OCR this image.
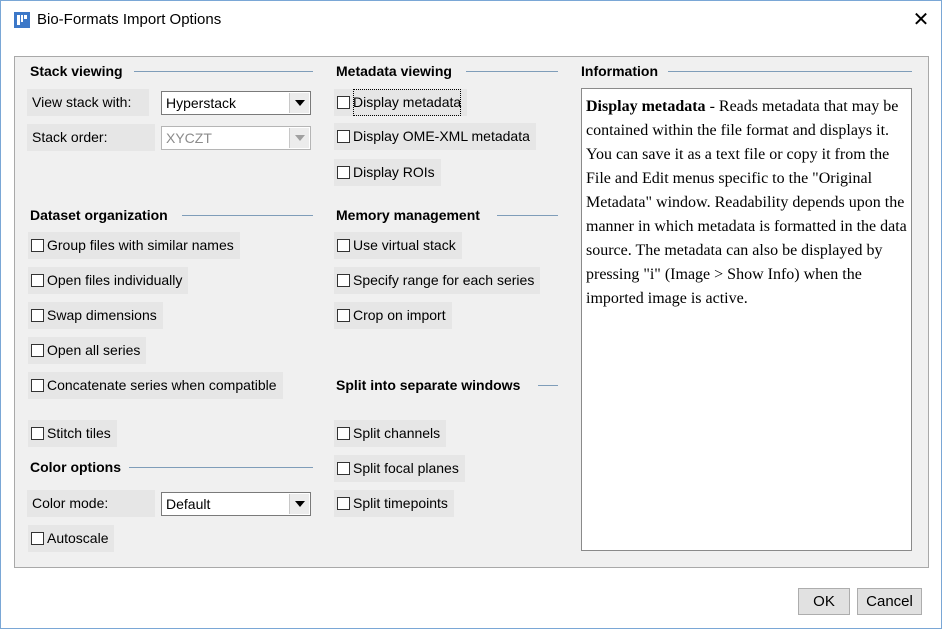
Bio-Formats Import Options	✕
Stack viewing
View stack with:	Hyperstack
Stack order:	XYCZT
Dataset organization
Group files with similar names
Open files individually
Swap dimensions
Open all series
Concatenate series when compatible
Stitch tiles
Color options
Color mode:	Default
Autoscale
Metadata viewing
Display metadata
Display OME-XML metadata
Display ROIs
Memory management
Use virtual stack
Specify range for each series
Crop on import
Split into separate windows
Split channels
Split focal planes
Split timepoints
Information
Display metadata - Reads metadata that may be contained within the file format and displays it. You can save it as a text file or copy it from the File and Edit menus specific to the "Original Metadata" window. Readability depends upon the manner in which metadata is formatted in the data source. The metadata can also be displayed by pressing "i" (Image > Show Info) when the imported image is active.
OK	Cancel
